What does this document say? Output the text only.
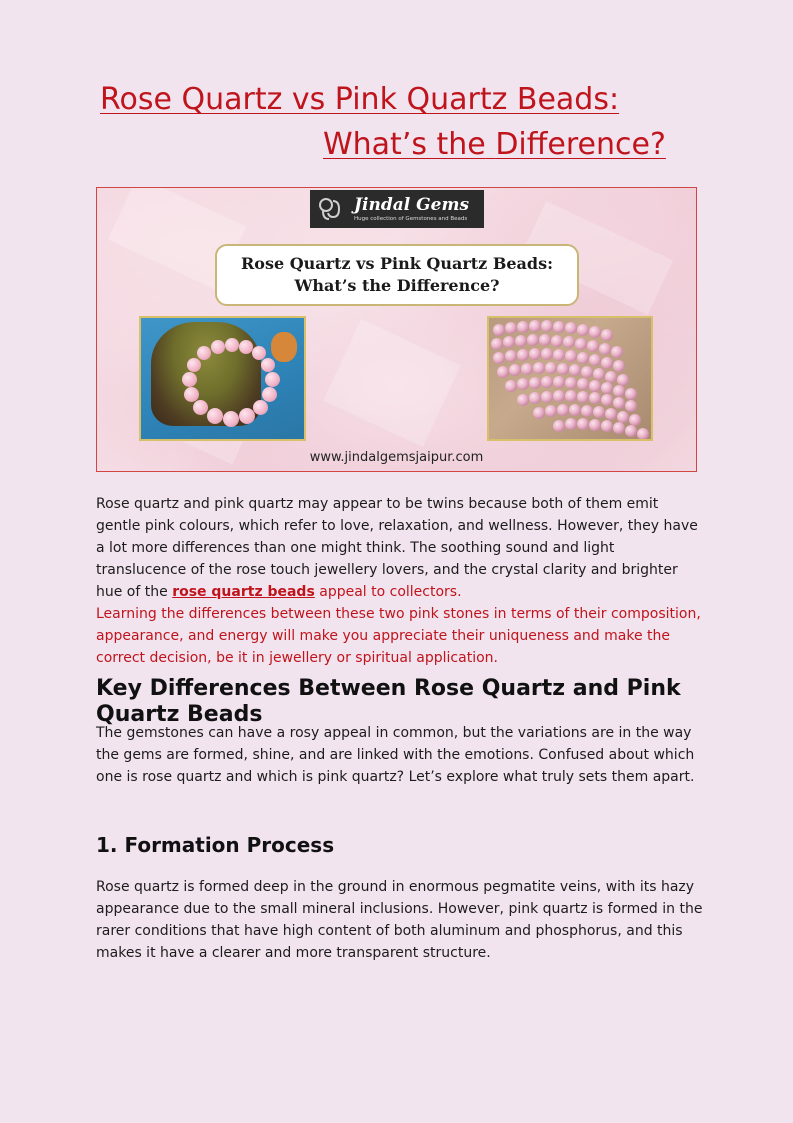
Rose Quartz vs Pink Quartz Beads:
What’s the Difference?
Jindal Gems
Huge collection of Gemstones and Beads
Rose Quartz vs Pink Quartz Beads:
What’s the Difference?
www.jindalgemsjaipur.com
Rose quartz and pink quartz may appear to be twins because both of them emit gentle pink colours, which refer to love, relaxation, and wellness. However, they have a lot more differences than one might think. The soothing sound and light translucence of the rose touch jewellery lovers, and the crystal clarity and brighter hue of the rose quartz beads appeal to collectors.
Learning the differences between these two pink stones in terms of their composition, appearance, and energy will make you appreciate their uniqueness and make the correct decision, be it in jewellery or spiritual application.
Key Differences Between Rose Quartz and Pink Quartz Beads
The gemstones can have a rosy appeal in common, but the variations are in the way the gems are formed, shine, and are linked with the emotions. Confused about which one is rose quartz and which is pink quartz? Let’s explore what truly sets them apart.
1. Formation Process
Rose quartz is formed deep in the ground in enormous pegmatite veins, with its hazy appearance due to the small mineral inclusions. However, pink quartz is formed in the rarer conditions that have high content of both aluminum and phosphorus, and this makes it have a clearer and more transparent structure.
